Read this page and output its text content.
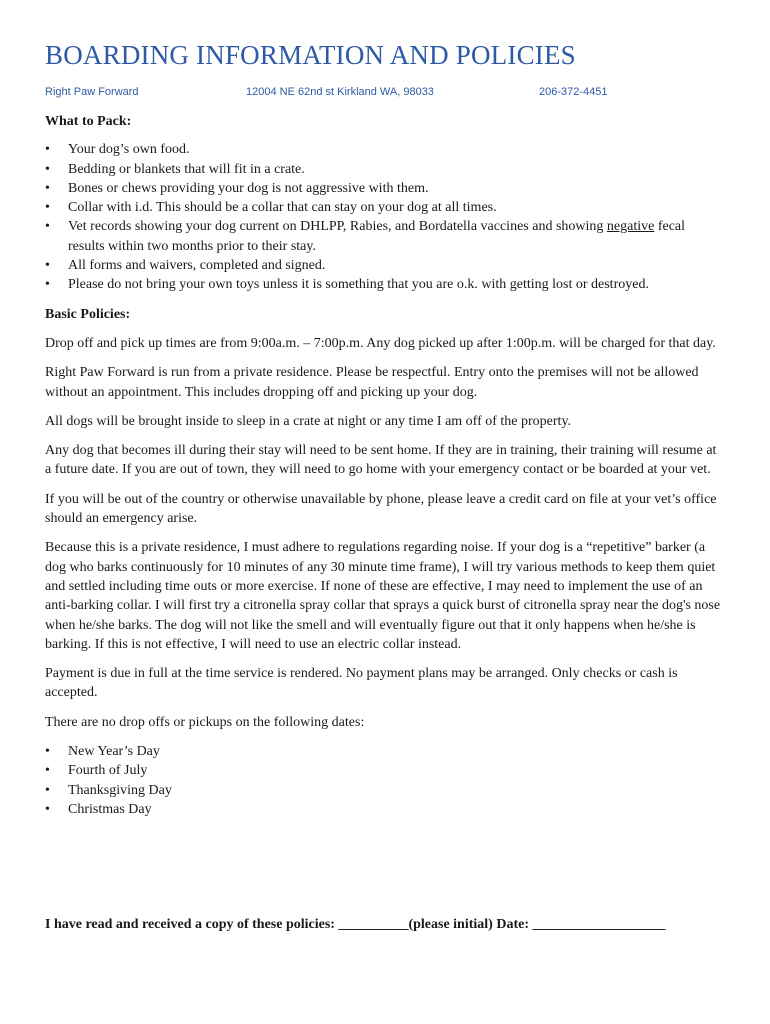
BOARDING INFORMATION AND POLICIES
Right Paw Forward	12004 NE 62nd st Kirkland WA, 98033	206-372-4451
What to Pack:
• Your dog’s own food.
• Bedding or blankets that will fit in a crate.
• Bones or chews providing your dog is not aggressive with them.
• Collar with i.d. This should be a collar that can stay on your dog at all times.
• Vet records showing your dog current on DHLPP, Rabies, and Bordatella vaccines and showing negative fecal results within two months prior to their stay.
• All forms and waivers, completed and signed.
• Please do not bring your own toys unless it is something that you are o.k. with getting lost or destroyed.
Basic Policies:

Drop off and pick up times are from 9:00a.m. – 7:00p.m. Any dog picked up after 1:00p.m. will be charged for that day.

Right Paw Forward is run from a private residence. Please be respectful. Entry onto the premises will not be allowed without an appointment. This includes dropping off and picking up your dog.

All dogs will be brought inside to sleep in a crate at night or any time I am off of the property.

Any dog that becomes ill during their stay will need to be sent home. If they are in training, their training will resume at a future date. If you are out of town, they will need to go home with your emergency contact or be boarded at your vet.

If you will be out of the country or otherwise unavailable by phone, please leave a credit card on file at your vet’s office should an emergency arise.

Because this is a private residence, I must adhere to regulations regarding noise. If your dog is a “repetitive” barker (a dog who barks continuously for 10 minutes of any 30 minute time frame), I will try various methods to keep them quiet and settled including time outs or more exercise. If none of these are effective, I may need to implement the use of an anti-barking collar. I will first try a citronella spray collar that sprays a quick burst of citronella spray near the dog's nose when he/she barks. The dog will not like the smell and will eventually figure out that it only happens when he/she is barking. If this is not effective, I will need to use an electric collar instead.

Payment is due in full at the time service is rendered. No payment plans may be arranged. Only checks or cash is accepted.

There are no drop offs or pickups on the following dates:

• New Year’s Day
• Fourth of July
• Thanksgiving Day
• Christmas Day
I have read and received a copy of these policies: __________(please initial) Date: ___________________
